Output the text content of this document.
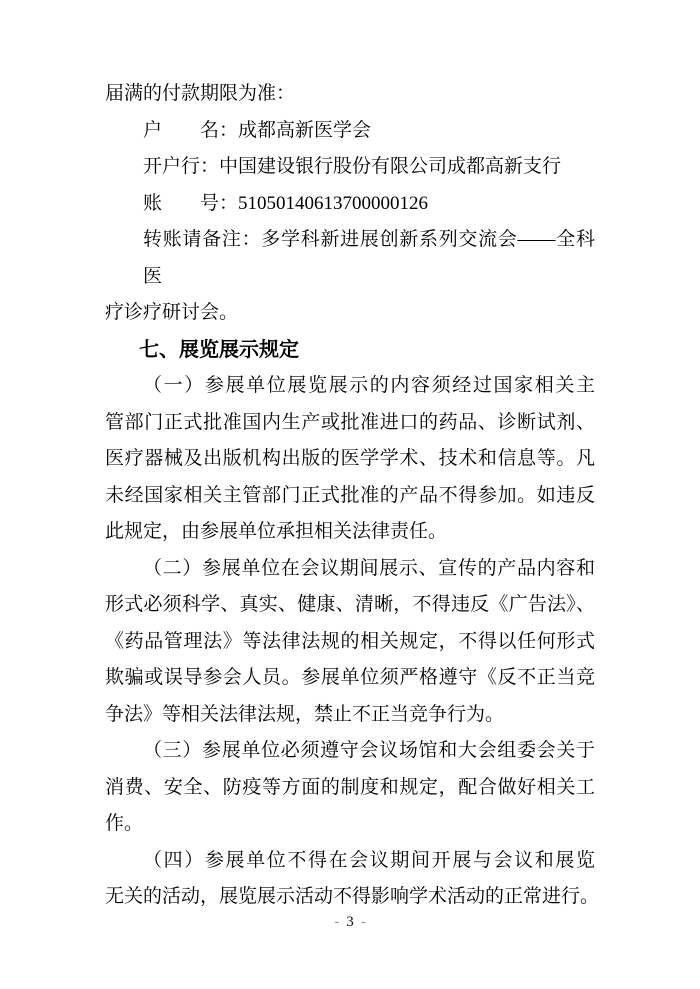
届满的付款期限为准：
户　　名：成都高新医学会
开户行：中国建设银行股份有限公司成都高新支行
账　　号：51050140613700000126
转账请备注：多学科新进展创新系列交流会——全科医
疗诊疗研讨会。
七、展览展示规定
（一）参展单位展览展示的内容须经过国家相关主
管部门正式批准国内生产或批准进口的药品、诊断试剂、
医疗器械及出版机构出版的医学学术、技术和信息等。凡
未经国家相关主管部门正式批准的产品不得参加。如违反
此规定，由参展单位承担相关法律责任。
（二）参展单位在会议期间展示、宣传的产品内容和
形式必须科学、真实、健康、清晰，不得违反《广告法》、
《药品管理法》等法律法规的相关规定，不得以任何形式
欺骗或误导参会人员。参展单位须严格遵守《反不正当竞
争法》等相关法律法规，禁止不正当竞争行为。
（三）参展单位必须遵守会议场馆和大会组委会关于
消费、安全、防疫等方面的制度和规定，配合做好相关工
作。
（四）参展单位不得在会议期间开展与会议和展览
无关的活动，展览展示活动不得影响学术活动的正常进行。
- 3 -
